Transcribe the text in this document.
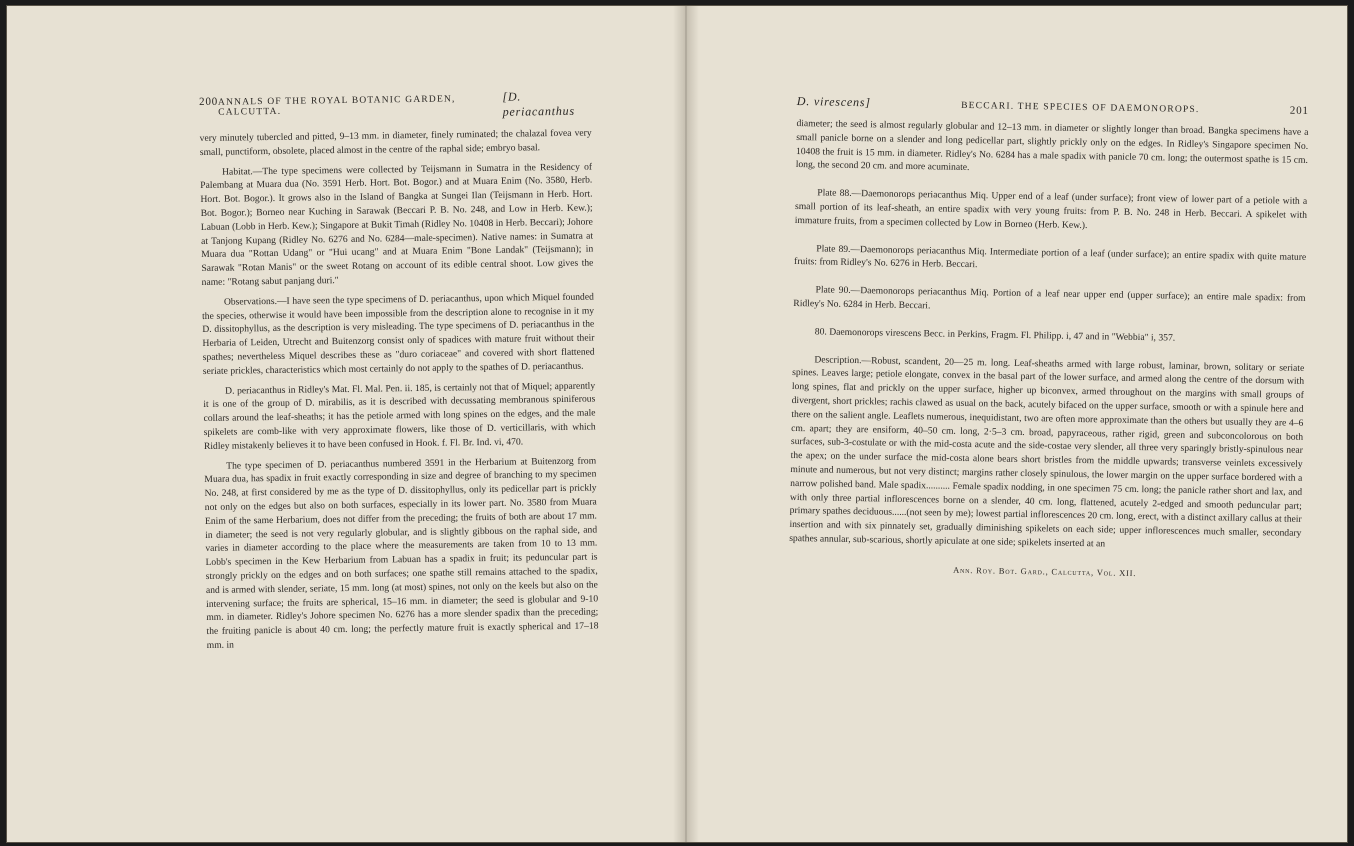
200 ANNALS OF THE ROYAL BOTANIC GARDEN, CALCUTTA.
[D. periacanthus

very minutely tubercled and pitted, 9–13 mm. in diameter, finely ruminated; the chalazal fovea very small, punctiform, obsolete, placed almost in the centre of the raphal side; embryo basal.

Habitat.—The type specimens were collected by Teijsmann in Sumatra in the Residency of Palembang at Muara dua (No. 3591 Herb. Hort. Bot. Bogor.) and at Muara Enim (No. 3580, Herb. Hort. Bot. Bogor.). It grows also in the Island of Bangka at Sungei Ilan (Teijsmann in Herb. Hort. Bot. Bogor.); Borneo near Kuching in Sarawak (Beccari P. B. No. 248, and Low in Herb. Kew.); Labuan (Lobb in Herb. Kew.); Singapore at Bukit Timah (Ridley No. 10408 in Herb. Beccari); Johore at Tanjong Kupang (Ridley No. 6276 and No. 6284—male-specimen). Native names: in Sumatra at Muara dua "Rottan Udang" or "Hui ucang" and at Muara Enim "Bone Landak" (Teijsmann); in Sarawak "Rotan Manis" or the sweet Rotang on account of its edible central shoot. Low gives the name: "Rotang sabut panjang duri."

Observations.—I have seen the type specimens of D. periacanthus, upon which Miquel founded the species, otherwise it would have been impossible from the description alone to recognise in it my D. dissitophyllus, as the description is very misleading. The type specimens of D. periacanthus in the Herbaria of Leiden, Utrecht and Buitenzorg consist only of spadices with mature fruit without their spathes; nevertheless Miquel describes these as "duro coriaceae" and covered with short flattened seriate prickles, characteristics which most certainly do not apply to the spathes of D. periacanthus.

D. periacanthus in Ridley's Mat. Fl. Mal. Pen. ii. 185, is certainly not that of Miquel; apparently it is one of the group of D. mirabilis, as it is described with decussating membranous spiniferous collars around the leaf-sheaths; it has the petiole armed with long spines on the edges, and the male spikelets are comb-like with very approximate flowers, like those of D. verticillaris, with which Ridley mistakenly believes it to have been confused in Hook. f. Fl. Br. Ind. vi, 470.

The type specimen of D. periacanthus numbered 3591 in the Herbarium at Buitenzorg from Muara dua, has spadix in fruit exactly corresponding in size and degree of branching to my specimen No. 248, at first considered by me as the type of D. dissitophyllus, only its pedicellar part is prickly not only on the edges but also on both surfaces, especially in its lower part. No. 3580 from Muara Enim of the same Herbarium, does not differ from the preceding; the fruits of both are about 17 mm. in diameter; the seed is not very regularly globular, and is slightly gibbous on the raphal side, and varies in diameter according to the place where the measurements are taken from 10 to 13 mm. Lobb's specimen in the Kew Herbarium from Labuan has a spadix in fruit; its peduncular part is strongly prickly on the edges and on both surfaces; one spathe still remains attached to the spadix, and is armed with slender, seriate, 15 mm. long (at most) spines, not only on the keels but also on the intervening surface; the fruits are spherical, 15–16 mm. in diameter; the seed is globular and 9-10 mm. in diameter. Ridley's Johore specimen No. 6276 has a more slender spadix than the preceding; the fruiting panicle is about 40 cm. long; the perfectly mature fruit is exactly spherical and 17–18 mm. in

D. virescens]	BECCARI. THE SPECIES OF DAEMONOROPS.	201

diameter; the seed is almost regularly globular and 12–13 mm. in diameter or slightly longer than broad. Bangka specimens have a small panicle borne on a slender and long pedicellar part, slightly prickly only on the edges. In Ridley's Singapore specimen No. 10408 the fruit is 15 mm. in diameter. Ridley's No. 6284 has a male spadix with panicle 70 cm. long; the outermost spathe is 15 cm. long, the second 20 cm. and more acuminate.

Plate 88.—Daemonorops periacanthus Miq. Upper end of a leaf (under surface); front view of lower part of a petiole with a small portion of its leaf-sheath, an entire spadix with very young fruits: from P. B. No. 248 in Herb. Beccari. A spikelet with immature fruits, from a specimen collected by Low in Borneo (Herb. Kew.).

Plate 89.—Daemonorops periacanthus Miq. Intermediate portion of a leaf (under surface); an entire spadix with quite mature fruits: from Ridley's No. 6276 in Herb. Beccari.

Plate 90.—Daemonorops periacanthus Miq. Portion of a leaf near upper end (upper surface); an entire male spadix: from Ridley's No. 6284 in Herb. Beccari.

80. Daemonorops virescens Becc. in Perkins, Fragm. Fl. Philipp. i, 47 and in "Webbia" i, 357.

Description.—Robust, scandent, 20—25 m. long. Leaf-sheaths armed with large robust, laminar, brown, solitary or seriate spines. Leaves large; petiole elongate, convex in the basal part of the lower surface, and armed along the centre of the dorsum with long spines, flat and prickly on the upper surface, higher up biconvex, armed throughout on the margins with small groups of divergent, short prickles; rachis clawed as usual on the back, acutely bifaced on the upper surface, smooth or with a spinule here and there on the salient angle. Leaflets numerous, inequidistant, two are often more approximate than the others but usually they are 4–6 cm. apart; they are ensiform, 40–50 cm. long, 2·5–3 cm. broad, papyraceous, rather rigid, green and subconcolorous on both surfaces, sub-3-costulate or with the mid-costa acute and the side-costae very slender, all three very sparingly bristly-spinulous near the apex; on the under surface the mid-costa alone bears short bristles from the middle upwards; transverse veinlets excessively minute and numerous, but not very distinct; margins rather closely spinulous, the lower margin on the upper surface bordered with a narrow polished band. Male spadix.......... Female spadix nodding, in one specimen 75 cm. long; the panicle rather short and lax, and with only three partial inflorescences borne on a slender, 40 cm. long, flattened, acutely 2-edged and smooth peduncular part; primary spathes deciduous......(not seen by me); lowest partial inflorescences 20 cm. long, erect, with a distinct axillary callus at their insertion and with six pinnately set, gradually diminishing spikelets on each side; upper inflorescences much smaller, secondary spathes annular, sub-scarious, shortly apiculate at one side; spikelets inserted at an

Ann. Roy. Bot. Gard., Calcutta, Vol. XII.
